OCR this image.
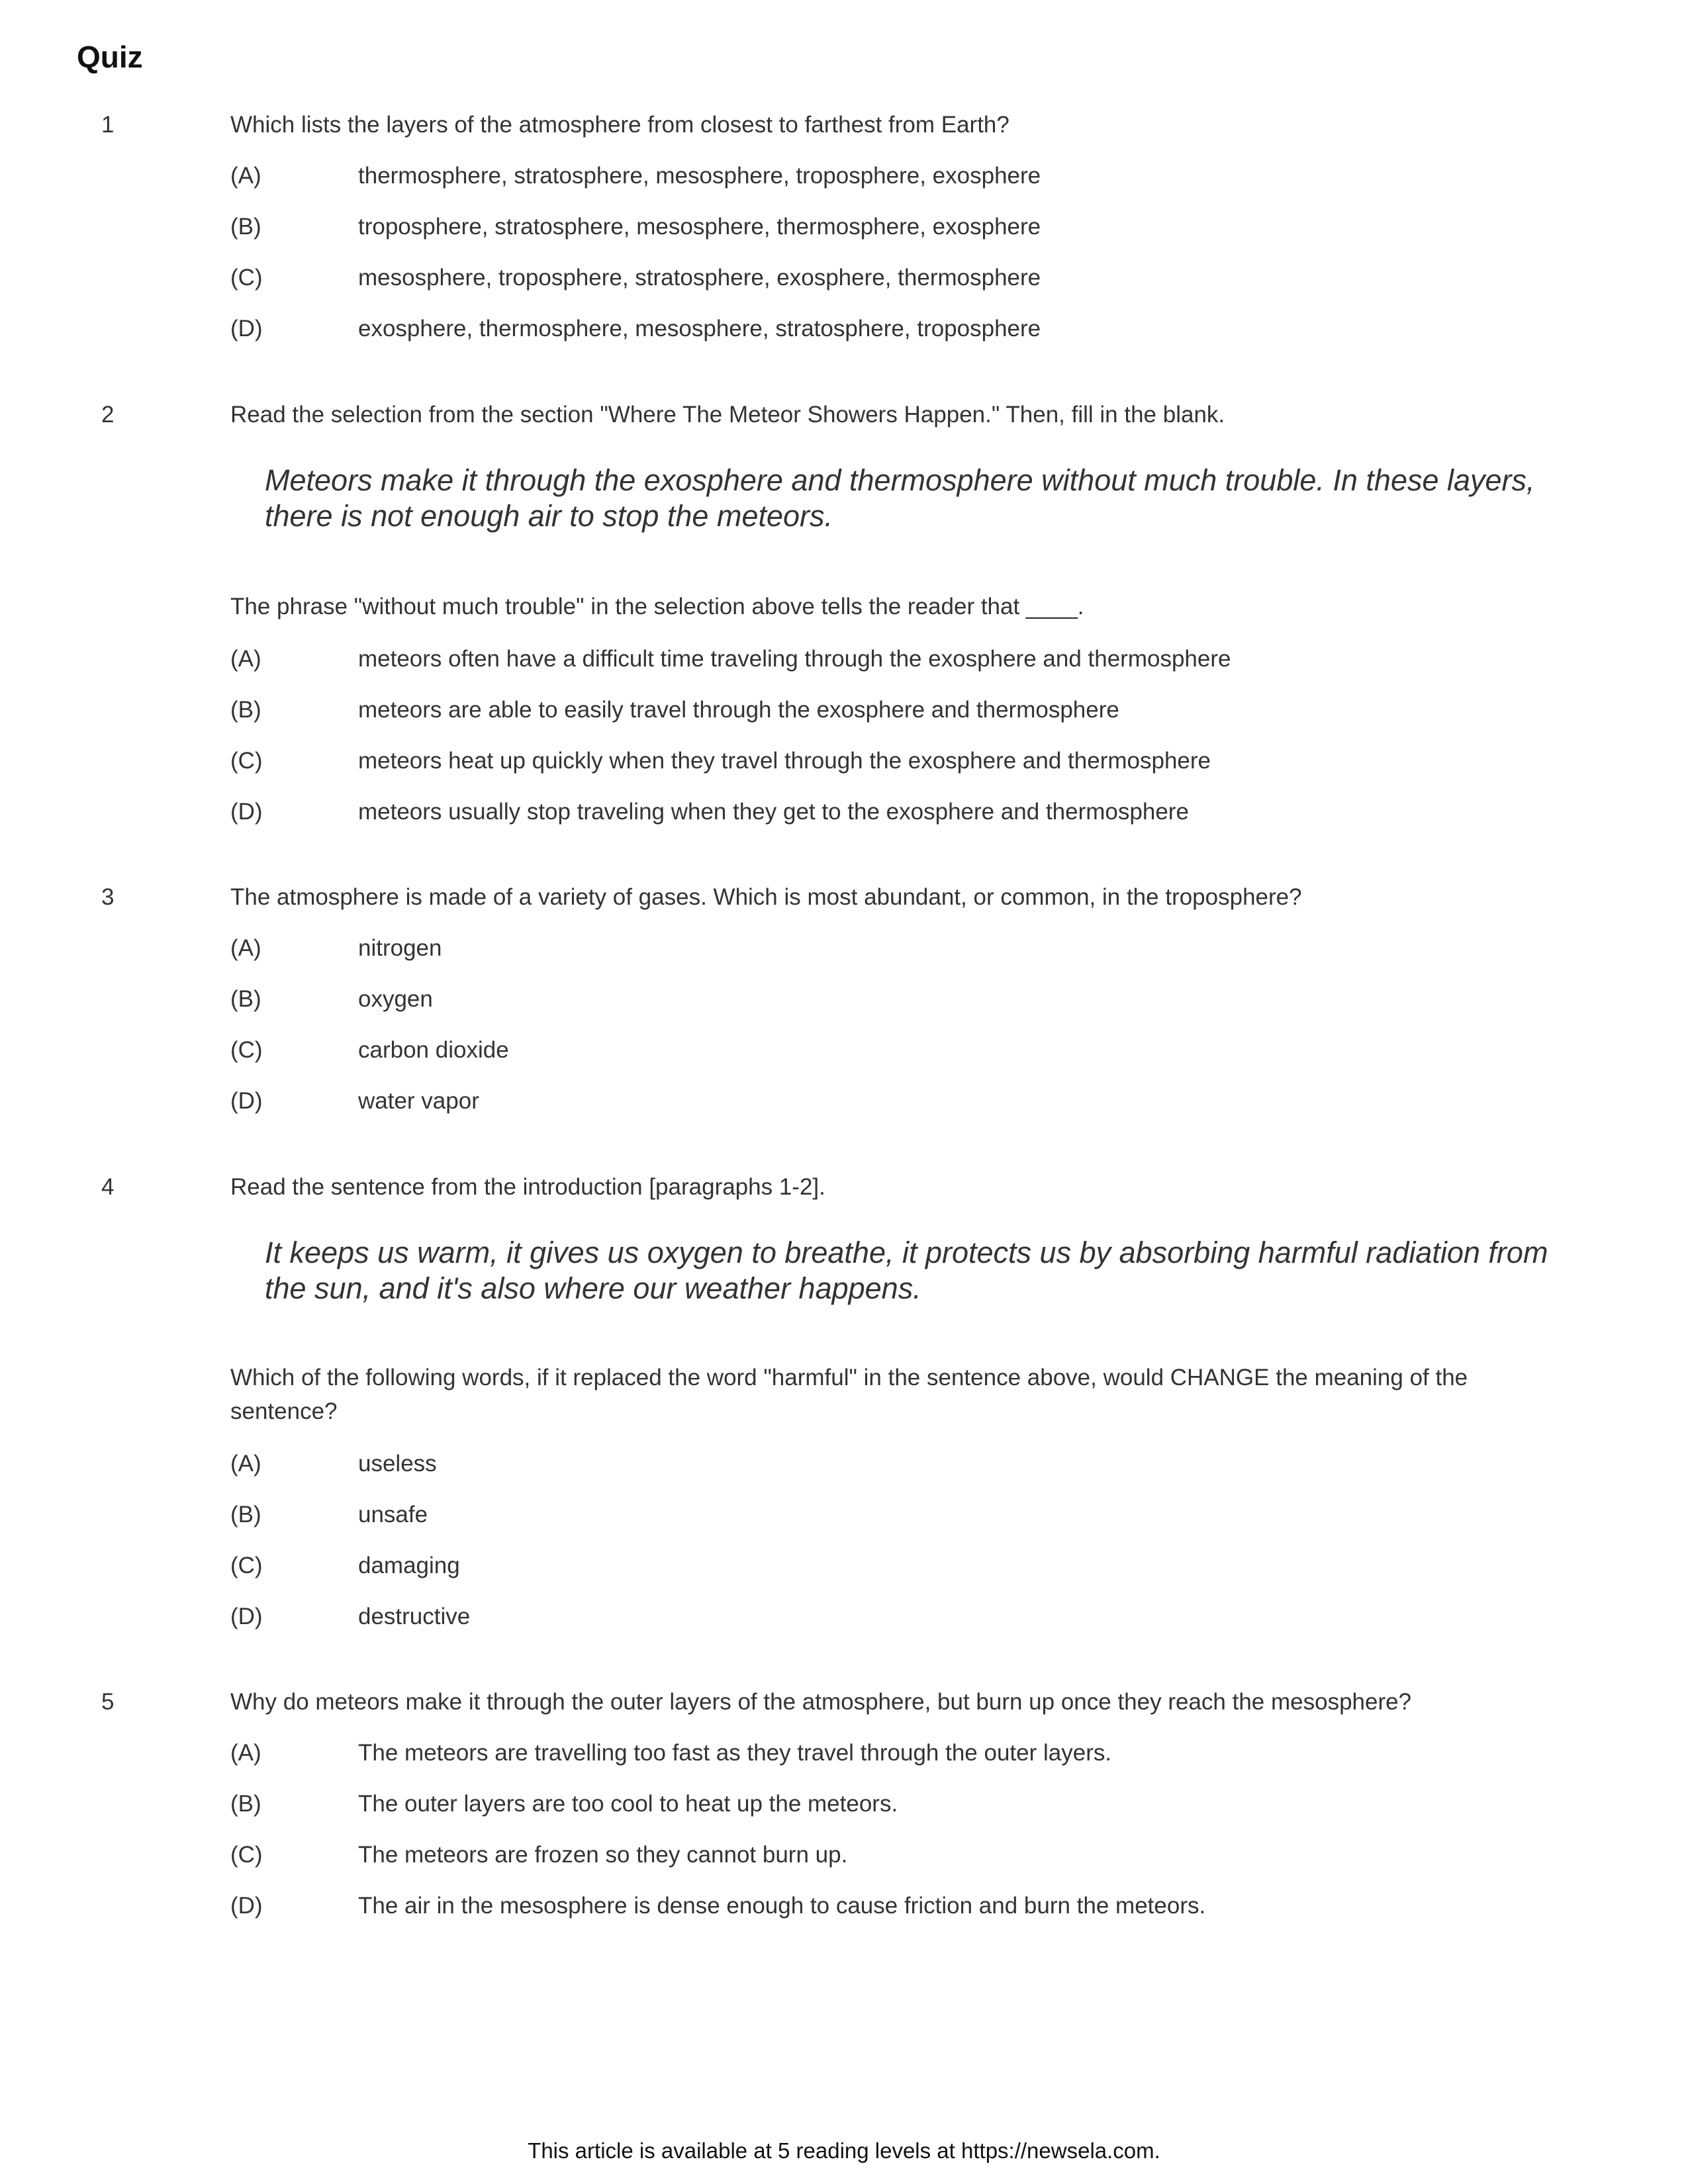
Quiz
1	Which lists the layers of the atmosphere from closest to farthest from Earth?
(A)	thermosphere, stratosphere, mesosphere, troposphere, exosphere
(B)	troposphere, stratosphere, mesosphere, thermosphere, exosphere
(C)	mesosphere, troposphere, stratosphere, exosphere, thermosphere
(D)	exosphere, thermosphere, mesosphere, stratosphere, troposphere
2	Read the selection from the section "Where The Meteor Showers Happen." Then, fill in the blank.
Meteors make it through the exosphere and thermosphere without much trouble. In these layers, there is not enough air to stop the meteors.
The phrase "without much trouble" in the selection above tells the reader that ____.
(A)	meteors often have a difficult time traveling through the exosphere and thermosphere
(B)	meteors are able to easily travel through the exosphere and thermosphere
(C)	meteors heat up quickly when they travel through the exosphere and thermosphere
(D)	meteors usually stop traveling when they get to the exosphere and thermosphere
3	The atmosphere is made of a variety of gases. Which is most abundant, or common, in the troposphere?
(A)	nitrogen
(B)	oxygen
(C)	carbon dioxide
(D)	water vapor
4	Read the sentence from the introduction [paragraphs 1-2].
It keeps us warm, it gives us oxygen to breathe, it protects us by absorbing harmful radiation from the sun, and it's also where our weather happens.
Which of the following words, if it replaced the word "harmful" in the sentence above, would CHANGE the meaning of the sentence?
(A)	useless
(B)	unsafe
(C)	damaging
(D)	destructive
5	Why do meteors make it through the outer layers of the atmosphere, but burn up once they reach the mesosphere?
(A)	The meteors are travelling too fast as they travel through the outer layers.
(B)	The outer layers are too cool to heat up the meteors.
(C)	The meteors are frozen so they cannot burn up.
(D)	The air in the mesosphere is dense enough to cause friction and burn the meteors.
This article is available at 5 reading levels at https://newsela.com.
